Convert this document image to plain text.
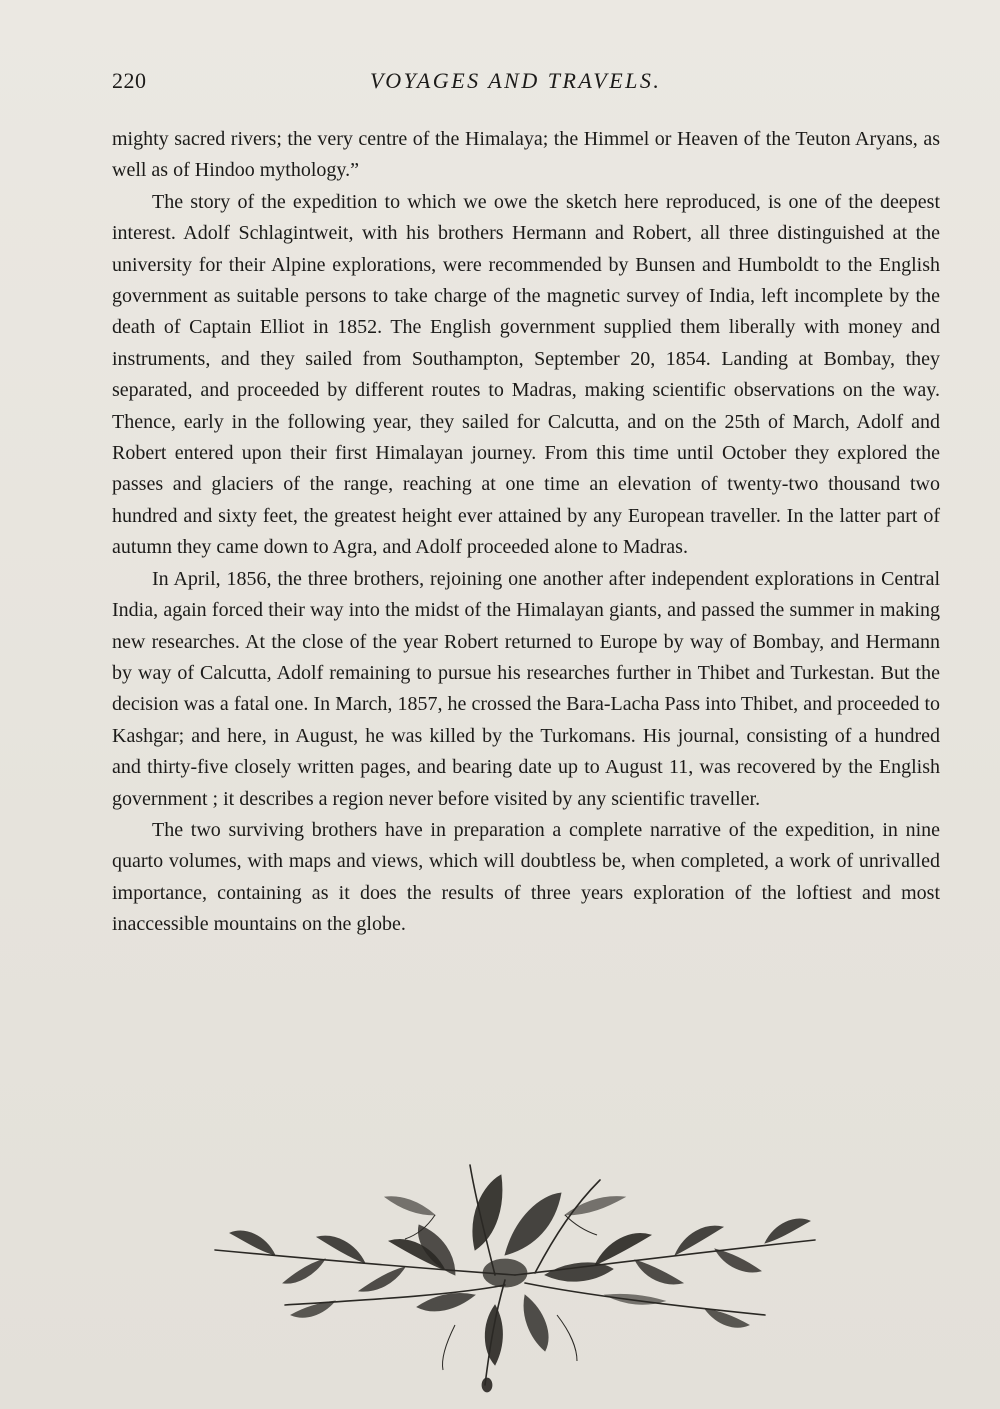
220	VOYAGES AND TRAVELS.

mighty sacred rivers; the very centre of the Himalaya; the Himmel or Heaven of the Teuton Aryans, as well as of Hindoo mythology.”

The story of the expedition to which we owe the sketch here reproduced, is one of the deepest interest. Adolf Schlagintweit, with his brothers Hermann and Robert, all three distinguished at the university for their Alpine explorations, were recommended by Bunsen and Humboldt to the English government as suitable persons to take charge of the magnetic survey of India, left incomplete by the death of Captain Elliot in 1852. The English government supplied them liberally with money and instruments, and they sailed from Southampton, September 20, 1854. Landing at Bombay, they separated, and proceeded by different routes to Madras, making scientific observations on the way. Thence, early in the following year, they sailed for Calcutta, and on the 25th of March, Adolf and Robert entered upon their first Himalayan journey. From this time until October they explored the passes and glaciers of the range, reaching at one time an elevation of twenty-two thousand two hundred and sixty feet, the greatest height ever attained by any European traveller. In the latter part of autumn they came down to Agra, and Adolf proceeded alone to Madras.

In April, 1856, the three brothers, rejoining one another after independent explorations in Central India, again forced their way into the midst of the Himalayan giants, and passed the summer in making new researches. At the close of the year Robert returned to Europe by way of Bombay, and Hermann by way of Calcutta, Adolf remaining to pursue his researches further in Thibet and Turkestan. But the decision was a fatal one. In March, 1857, he crossed the Bara-Lacha Pass into Thibet, and proceeded to Kashgar; and here, in August, he was killed by the Turkomans. His journal, consisting of a hundred and thirty-five closely written pages, and bearing date up to August 11, was recovered by the English government ; it describes a region never before visited by any scientific traveller.

The two surviving brothers have in preparation a complete narrative of the expedition, in nine quarto volumes, with maps and views, which will doubtless be, when completed, a work of unrivalled importance, containing as it does the results of three years exploration of the loftiest and most inaccessible mountains on the globe.
